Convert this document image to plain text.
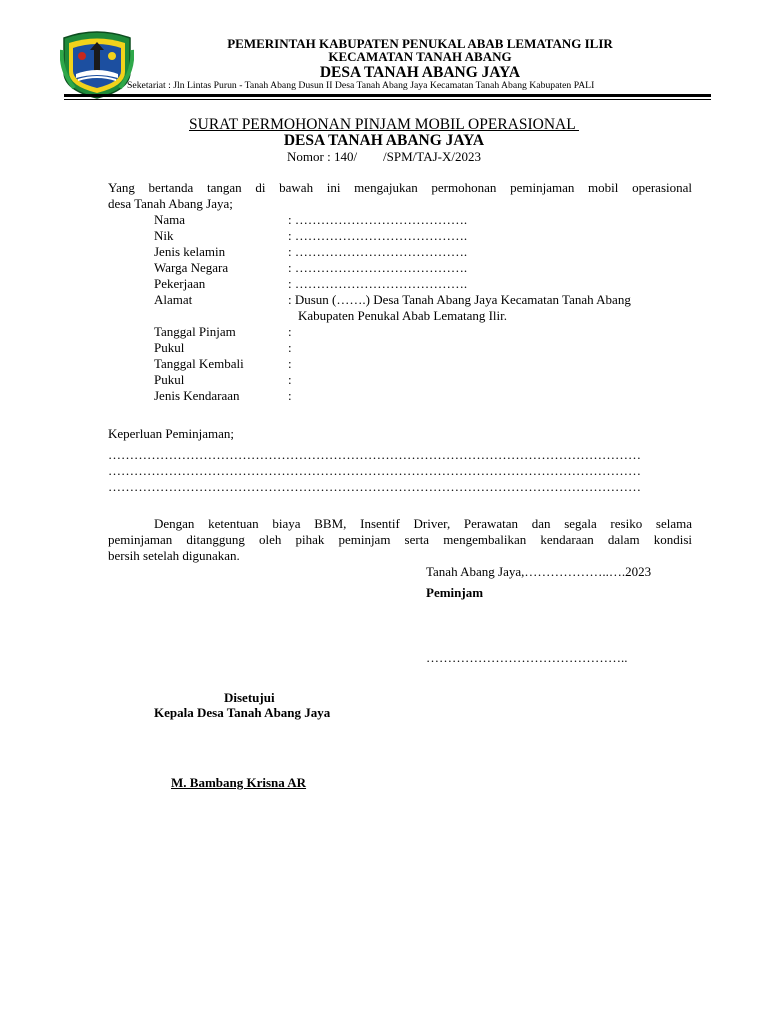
PEMERINTAH KABUPATEN PENUKAL ABAB LEMATANG ILIR
KECAMATAN TANAH ABANG
DESA TANAH ABANG JAYA
Seketariat : Jln Lintas Purun - Tanah Abang Dusun II Desa Tanah Abang Jaya Kecamatan Tanah Abang Kabupaten PALI
SURAT PERMOHONAN PINJAM MOBIL OPERASIONAL
DESA TANAH ABANG JAYA
Nomor : 140/        /SPM/TAJ-X/2023
Yang bertanda tangan di bawah ini mengajukan permohonan peminjaman mobil operasional
desa Tanah Abang Jaya;
Nama	: ………………………………….
Nik	: ………………………………….
Jenis kelamin	: ………………………………….
Warga Negara	: ………………………………….
Pekerjaan	: ………………………………….
Alamat	: Dusun (…….) Desa Tanah Abang Jaya Kecamatan Tanah Abang
Kabupaten Penukal Abab Lematang Ilir.
Tanggal Pinjam	:
Pukul	:
Tanggal Kembali	:
Pukul	:
Jenis Kendaraan	:
Keperluan Peminjaman;
……………………………………………………………………………………………………………
……………………………………………………………………………………………………………
……………………………………………………………………………………………………………
Dengan ketentuan biaya BBM, Insentif Driver, Perawatan dan segala resiko selama
peminjaman ditanggung oleh pihak peminjam serta mengembalikan kendaraan dalam kondisi
bersih setelah digunakan.
Tanah Abang Jaya,………………..….2023
Peminjam
………………………………………..
Disetujui
Kepala Desa Tanah Abang Jaya
M. Bambang Krisna AR
